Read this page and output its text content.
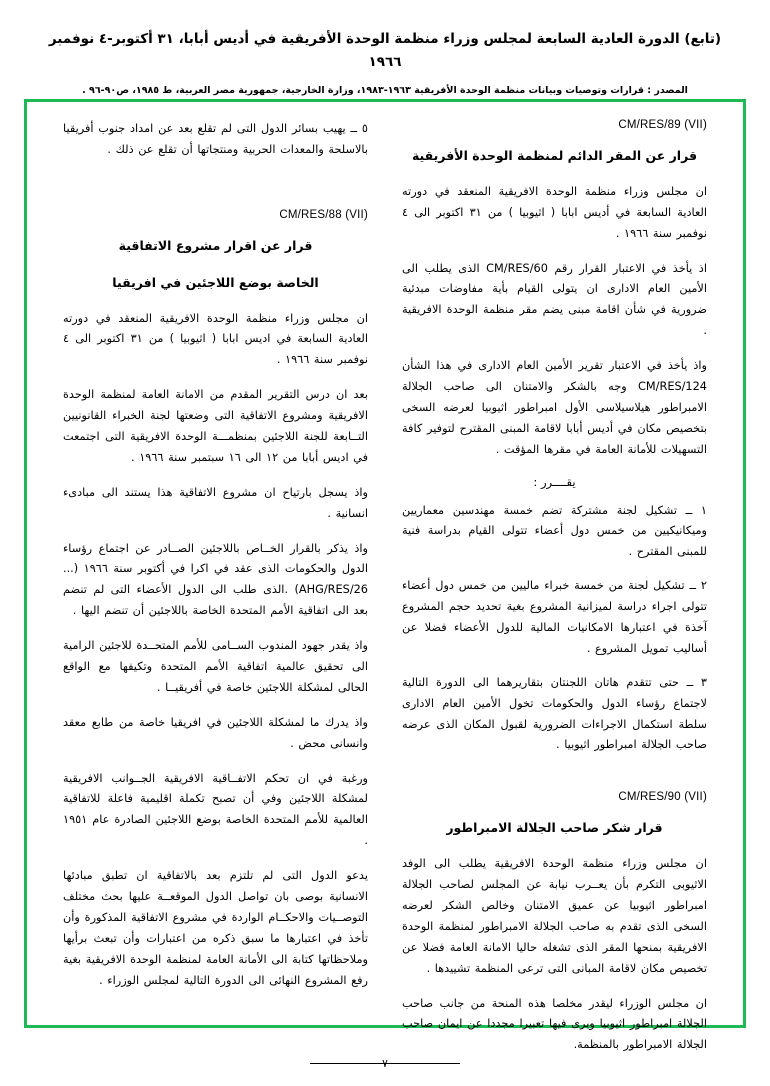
(تابع) الدورة العادية السابعة لمجلس وزراء منظمة الوحدة الأفريقية في أديس أبابا، ٣١ أكتوبر-٤ نوفمبر ١٩٦٦
المصدر : ‏قرارات وتوصيات وبيانات منظمة الوحدة الأفريقية ١٩٦٣-١٩٨٣، وزارة الخارجية، جمهورية مصر العربية، ط ١٩٨٥، ص٩٠-٩٦ .
CM/RES/89 (VII)
قرار عن المقر الدائم لمنظمة الوحدة الأفريقية

ان مجلس وزراء منظمة الوحدة الافريقية المنعقد في دورته العادية السابعة في أديس ابابا ( اثيوبيا ) من ٣١ اكتوبر الى ٤ نوفمبر سنة ١٩٦٦ .

اذ يأخذ في الاعتبار القرار رقم CM/RES/60 الذى يطلب الى الأمين العام الادارى ان يتولى القيام بأية مفاوضات مبدئية ضرورية في شأن اقامة مبنى يضم مقر منظمة الوحدة الافريقية .

واذ يأخذ في الاعتبار تقرير الأمين العام الادارى في هذا الشأن CM/RES/124 وجه بالشكر والامتنان الى صاحب الجلالة الامبراطور هيلاسيلاسى الأول امبراطور اثيوبيا لعرضه السخى بتخصيص مكان في أديس أبابا لاقامة المبنى المقترح لتوفير كافة التسهيلات للأمانة العامة في مقرها المؤقت .

يقــــرر :

١ ــ تشكيل لجنة مشتركة تضم خمسة مهندسين معماريين وميكانيكيين من خمس دول أعضاء تتولى القيام بدراسة فنية للمبنى المقترح .

٢ ــ تشكيل لجنة من خمسة خبراء ماليين من خمس دول أعضاء تتولى اجراء دراسة لميزانية المشروع بغية تحديد حجم المشروع آخذة في اعتبارها الامكانيات المالية للدول الأعضاء فضلا عن أساليب تمويل المشروع .

٣ ــ حتى تتقدم هاتان اللجنتان بتقاريرهما الى الدورة التالية لاجتماع رؤساء الدول والحكومات تخول الأمين العام الادارى سلطة استكمال الاجراءات الضرورية لقبول المكان الذى عرضه صاحب الجلالة امبراطور اثيوبيا .

CM/RES/90 (VII)
قرار شكر صاحب الجلالة الامبراطور

ان مجلس وزراء منظمة الوحدة الافريقية يطلب الى الوفد الاثيوبى التكرم بأن يعــرب نيابة عن المجلس لصاحب الجلالة امبراطور اثيوبيا عن عميق الامتنان وخالص الشكر لعرضه السخى الذى تقدم به صاحب الجلالة الامبراطور لمنظمة الوحدة الافريقية بمنحها المقر الذى تشغله حاليا الامانة العامة فضلا عن تخصيص مكان لاقامة المبانى التى ترعى المنظمة تشييدها .

ان مجلس الوزراء ليقدر مخلصا هذه المنحة من جانب صاحب الجلالة امبراطور اثيوبيا ويرى فيها تعبيرا مجددا عن ايمان صاحب الجلالة الامبراطور بالمنظمة.

٥ ــ يهيب بسائر الدول التى لم تقلع بعد عن امداد جنوب أفريقيا بالاسلحة والمعدات الحربية ومنتجاتها أن تقلع عن ذلك .

CM/RES/88 (VII)
قرار عن اقرار مشروع الاتفاقية
الخاصة بوضع اللاجئين في افريقيا

ان مجلس وزراء منظمة الوحدة الافريقية المنعقد في دورته العادية السابعة في اديس ابابا ( اثيوبيا ) من ٣١ اكتوبر الى ٤ نوفمبر سنة ١٩٦٦ .

بعد ان درس التقرير المقدم من الامانة العامة لمنظمة الوحدة الافريقية ومشروع الاتفاقية التى وضعتها لجنة الخبراء القانونيين التــابعة للجنة اللاجئين بمنظمـــة الوحدة الافريقية التى اجتمعت في اديس أبابا من ١٢ الى ١٦ سبتمبر سنة ١٩٦٦ .

واذ يسجل بارتياح ان مشروع الاتفاقية هذا يستند الى مبادىء انسانية .

واذ يذكر بالقرار الخــاص باللاجئين الصــادر عن اجتماع رؤساء الدول والحكومات الذى عقد في اكرا في أكتوبر سنة ١٩٦٦ (... AHG/RES/26) .الذى طلب الى الدول الأعضاء التى لم تنضم بعد الى اتفاقية الأمم المتحدة الخاصة باللاجئين أن تنضم اليها .

واذ يقدر جهود المندوب الســامى للأمم المتحــدة للاجئين الرامية الى تحقيق عالمية اتفاقية الأمم المتحدة وتكيفها مع الواقع الحالى لمشكلة اللاجئين خاصة في أفريقيــا .

واذ يدرك ما لمشكلة اللاجئين في افريقيا خاصة من طابع معقد وانسانى محض .

ورغبة في ان تحكم الاتفــاقية الافريقية الجــوانب الافريقية لمشكلة اللاجئين وفي أن تصبح تكملة اقليمية فاعلة للاتفاقية العالمية للأمم المتحدة الخاصة بوضع اللاجئين الصادرة عام ١٩٥١ .

يدعو الدول التى لم تلتزم بعد بالاتفاقية ان تطبق مبادئها الانسانية بوصى بان تواصل الدول الموقعــة عليها بحث مختلف التوصــيات والاحكــام الواردة في مشروع الاتفاقية المذكورة وأن تأخذ في اعتبارها ما سبق ذكره من اعتبارات وأن تبعث برأيها وملاحظاتها كتابة الى الأمانة العامة لمنظمة الوحدة الافريقية بغية رفع المشروع النهائى الى الدورة التالية لمجلس الوزراء .

٧
